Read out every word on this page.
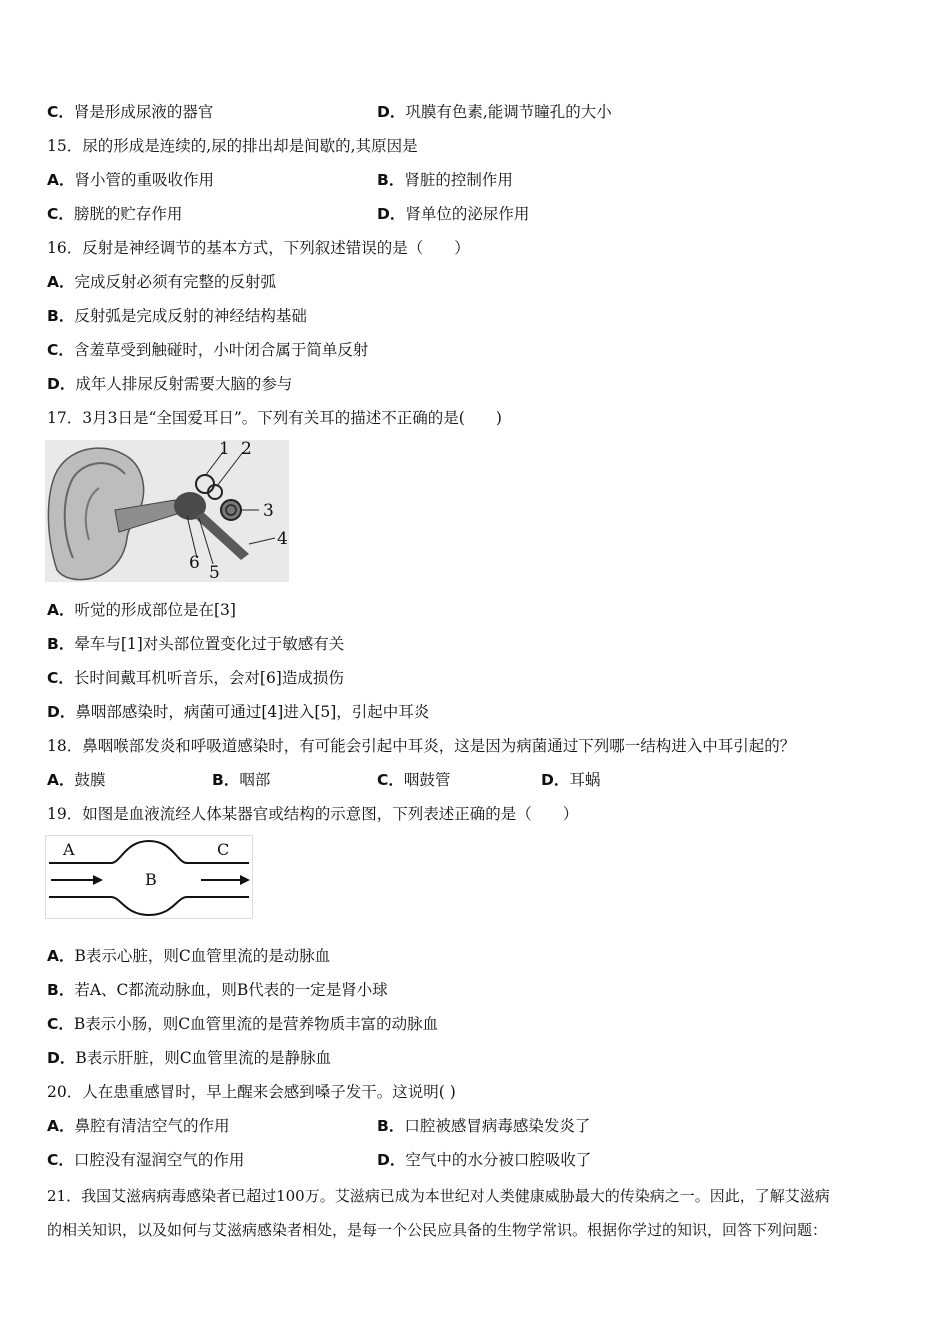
C．肾是形成尿液的器官	D．巩膜有色素,能调节瞳孔的大小
15．尿的形成是连续的,尿的排出却是间歇的,其原因是
A．肾小管的重吸收作用	B．肾脏的控制作用
C．膀胱的贮存作用	D．肾单位的泌尿作用
16．反射是神经调节的基本方式，下列叙述错误的是（　　）
A．完成反射必须有完整的反射弧
B．反射弧是完成反射的神经结构基础
C．含羞草受到触碰时，小叶闭合属于简单反射
D．成年人排尿反射需要大脑的参与
17．3月3日是“全国爱耳日”。下列有关耳的描述不正确的是(　　)
1 2
3
4
5
6
A．听觉的形成部位是在[3]
B．晕车与[1]对头部位置变化过于敏感有关
C．长时间戴耳机听音乐，会对[6]造成损伤
D．鼻咽部感染时，病菌可通过[4]进入[5]，引起中耳炎
18．鼻咽喉部发炎和呼吸道感染时，有可能会引起中耳炎，这是因为病菌通过下列哪一结构进入中耳引起的？
A．鼓膜	B．咽部	C．咽鼓管	D．耳蜗
19．如图是血液流经人体某器官或结构的示意图，下列表述正确的是（　　）
A
B
C
A．B表示心脏，则C血管里流的是动脉血
B．若A、C都流动脉血，则B代表的一定是肾小球
C．B表示小肠，则C血管里流的是营养物质丰富的动脉血
D．B表示肝脏，则C血管里流的是静脉血
20．人在患重感冒时，早上醒来会感到嗓子发干。这说明( )
A．鼻腔有清洁空气的作用	B．口腔被感冒病毒感染发炎了
C．口腔没有湿润空气的作用	D．空气中的水分被口腔吸收了
21．我国艾滋病病毒感染者已超过100万。艾滋病已成为本世纪对人类健康威胁最大的传染病之一。因此，了解艾滋病
的相关知识，以及如何与艾滋病感染者相处，是每一个公民应具备的生物学常识。根据你学过的知识，回答下列问题：
